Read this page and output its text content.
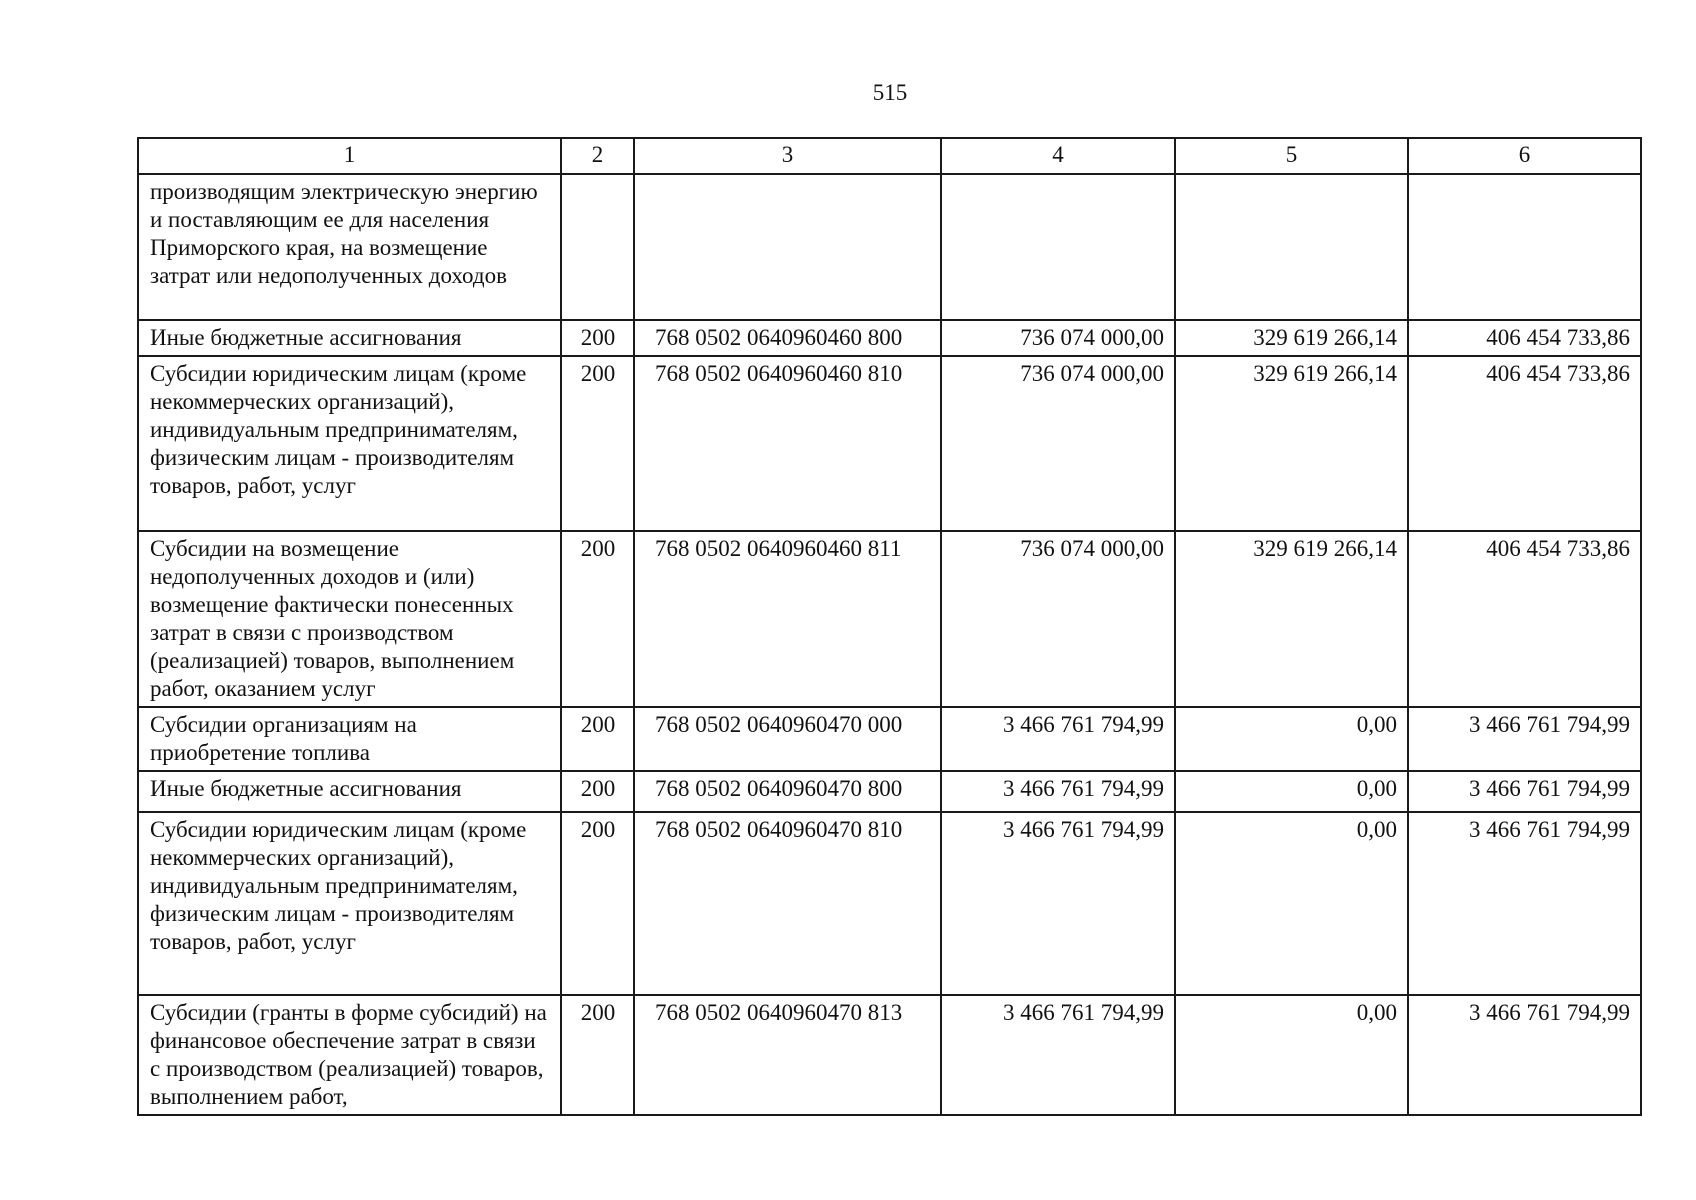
515
1	2	3	4	5	6
производящим электрическую энергию и поставляющим ее для населения Приморского края, на возмещение затрат или недополученных доходов					
Иные бюджетные ассигнования	200	768 0502 0640960460 800	736 074 000,00	329 619 266,14	406 454 733,86
Субсидии юридическим лицам (кроме некоммерческих организаций), индивидуальным предпринимателям, физическим лицам - производителям товаров, работ, услуг	200	768 0502 0640960460 810	736 074 000,00	329 619 266,14	406 454 733,86
Субсидии на возмещение недополученных доходов и (или) возмещение фактически понесенных затрат в связи с производством (реализацией) товаров, выполнением работ, оказанием услуг	200	768 0502 0640960460 811	736 074 000,00	329 619 266,14	406 454 733,86
Субсидии организациям на приобретение топлива	200	768 0502 0640960470 000	3 466 761 794,99	0,00	3 466 761 794,99
Иные бюджетные ассигнования	200	768 0502 0640960470 800	3 466 761 794,99	0,00	3 466 761 794,99
Субсидии юридическим лицам (кроме некоммерческих организаций), индивидуальным предпринимателям, физическим лицам - производителям товаров, работ, услуг	200	768 0502 0640960470 810	3 466 761 794,99	0,00	3 466 761 794,99
Субсидии (гранты в форме субсидий) на финансовое обеспечение затрат в связи с производством (реализацией) товаров, выполнением работ,	200	768 0502 0640960470 813	3 466 761 794,99	0,00	3 466 761 794,99
